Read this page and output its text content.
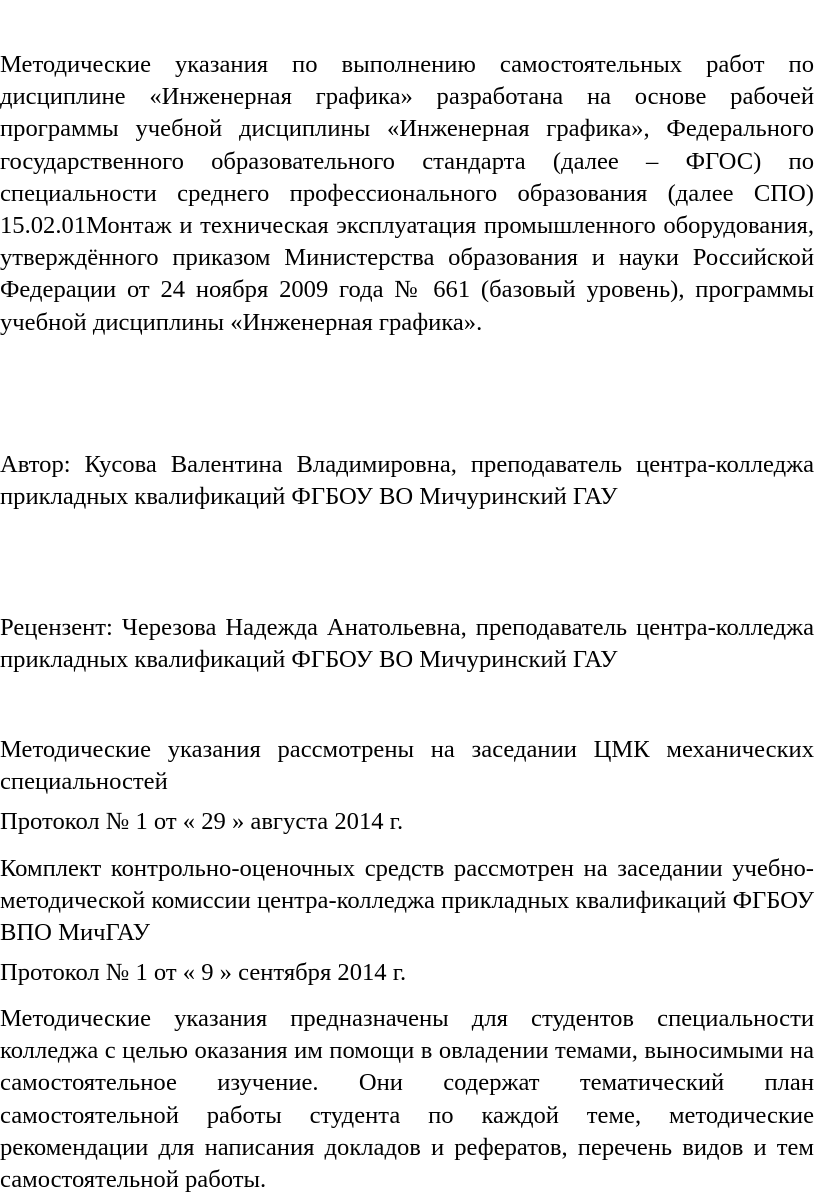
Методические указания по выполнению самостоятельных работ по дисциплине «Инженерная графика» разработана на основе рабочей программы учебной дисциплины «Инженерная графика», Федерального государственного образовательного стандарта (далее – ФГОС) по специальности среднего профессионального образования (далее СПО) 15.02.01Монтаж и техническая эксплуатация промышленного оборудования, утверждённого приказом Министерства образования и науки Российской Федерации от 24 ноября 2009 года № 661 (базовый уровень), программы учебной дисциплины «Инженерная графика».

Автор: Кусова Валентина Владимировна, преподаватель центра-колледжа прикладных квалификаций ФГБОУ ВО Мичуринский ГАУ

Рецензент: Черезова Надежда Анатольевна, преподаватель центра-колледжа прикладных квалификаций ФГБОУ ВО Мичуринский ГАУ

Методические указания рассмотрены на заседании ЦМК механических специальностей

Протокол № 1 от « 29 » августа 2014 г.

Комплект контрольно-оценочных средств рассмотрен на заседании учебно-методической комиссии центра-колледжа прикладных квалификаций ФГБОУ ВПО МичГАУ

Протокол № 1 от « 9 » сентября 2014 г.

Методические указания предназначены для студентов специальности колледжа с целью оказания им помощи в овладении темами, выносимыми на самостоятельное изучение. Они содержат тематический план самостоятельной работы студента по каждой теме, методические рекомендации для написания докладов и рефератов, перечень видов и тем самостоятельной работы.
